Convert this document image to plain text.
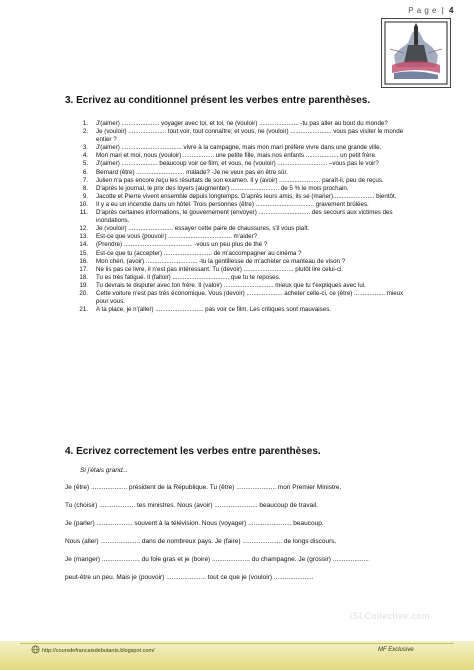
P a g e | 4
3. Ecrivez au conditionnel présent les verbes entre parenthèses.
1. J'(aimer) ...................... voyager avec toi, et toi, ne (vouloir) ....................... -tu pas aller au bout du monde?
2. Je (vouloir) ...................... tout voir, tout connaître; et vous, ne (vouloir) ........................ vous pas visiter le monde entier ?
3. J'(aimer) ................................... vivre à la campagne, mais mon mari préfère vivre dans une grande ville.
4. Mon mari et moi, nous (vouloir) .................. une petite fille, mais nos enfants ................... un petit frère.
5. J'(aimer) ..................... beaucoup voir ce film, et vous, ne (vouloir) ............................. –vous pas le voir?
6. Bernard (être) ............................ malade? -Je ne veux pas en être sûr.
7. Julien n'a pas encore reçu les résultats de son examen. Il y (avoir) ........................ paraît-il, peu de reçus.
8. D'après le journal, le prix des loyers (augmenter) ............................ de 5 % le mois prochain.
9. Jacotte et Pierre vivent ensemble depuis longtemps. D'après leurs amis, ils se (marier)........................ bientôt.
10. Il y a eu un incendie dans un hôtel. Trois personnes (être) .................................. gravement brûlées.
11. D'après certaines informations, le gouvernement (envoyer) .............................. des secours aux victimes des inondations.
12. Je (vouloir) .......................... essayer cette paire de chaussures, s'il vous plaît.
13. Est-ce que vous (pouvoir) ..................................... m'aider?
14. (Prendre) ........................................ -vous un peu plus de thé ?
15. Est-ce que tu (accepter) ............................ de m'accompagner au cinéma ?
16. Mon chéri, (avoir) .............................. -tu la gentillesse de m'acheter ce manteau de vison ?
17. Ne lis pas ce livre, il n'est pas intéressant. Tu (devoir) ............................. plutôt lire celui-ci.
18. Tu es très fatigué. Il (falloir) ................................. que tu te reposes.
19. Tu devrais te disputer avec ton frère. Il (valoir) ............................. mieux que tu t'expliques avec lui.
20. Cette voiture n'est pas très économique. Vous (devoir) ..................... acheter celle-ci, ce (être) .................. mieux pour vous.
21. A ta place, je n'(aller) ............................ pas voir ce film. Les critiques sont mauvaises.
4. Ecrivez correctement les verbes entre parenthèses.
Si j'étais grand...
Je (être) .................... président de la République. Tu (être) ...................... mon Premier Ministre.
Tu (choisir) .................... tes ministres. Nous (avoir) ........................ beaucoup de travail.
Je (parler) .................... souvent à la télévision. Nous (voyager) ........................ beaucoup.
Nous (aller) ...................... dans de nombreux pays. Je (faire) ...................... de longs discours.
Je (manger) ..................... du foie gras et je (boire) ..................... du champagne. Je (grossir) ....................
peut-être un peu. Mais je (pouvoir) ...................... tout ce que je (vouloir) ......................
iSLCollective.com
http://coursdefrancaisdebutants.blogspot.com/	MF Exclusive
